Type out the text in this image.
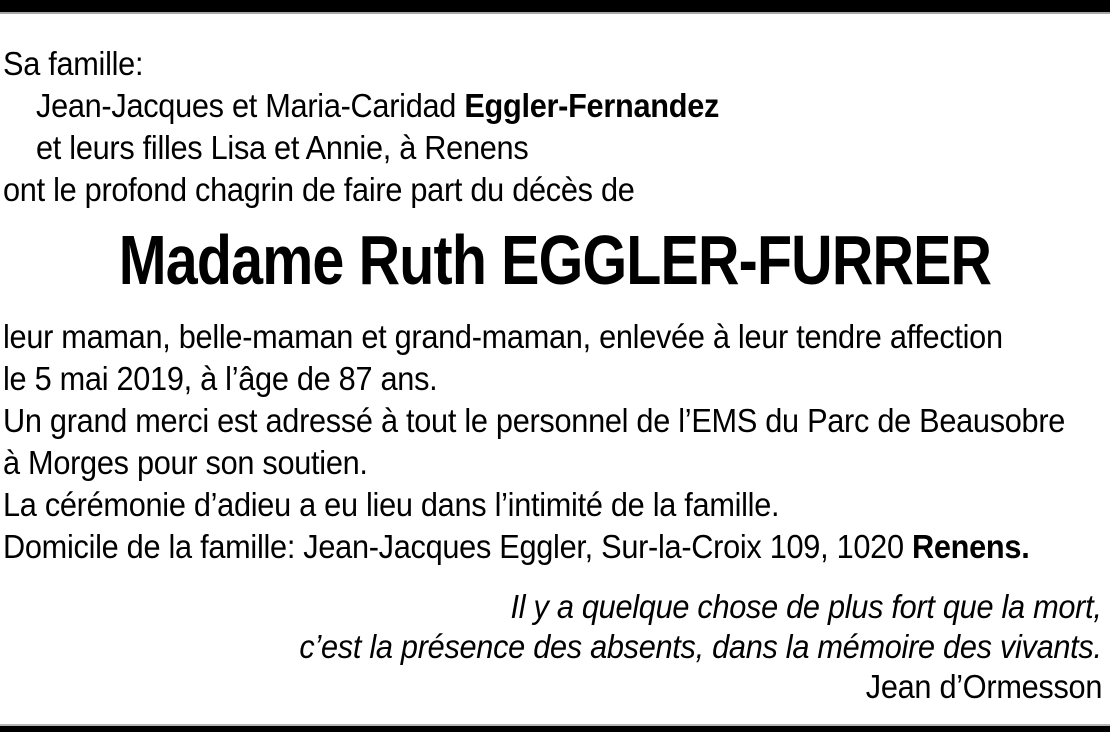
Sa famille:
Jean-Jacques et Maria-Caridad Eggler-Fernandez
et leurs filles Lisa et Annie, à Renens
ont le profond chagrin de faire part du décès de
Madame Ruth EGGLER-FURRER
leur maman, belle-maman et grand-maman, enlevée à leur tendre affection
le 5 mai 2019, à l’âge de 87 ans.
Un grand merci est adressé à tout le personnel de l’EMS du Parc de Beausobre
à Morges pour son soutien.
La cérémonie d’adieu a eu lieu dans l’intimité de la famille.
Domicile de la famille: Jean-Jacques Eggler, Sur-la-Croix 109, 1020 Renens.
Il y a quelque chose de plus fort que la mort,
c’est la présence des absents, dans la mémoire des vivants.
Jean d’Ormesson
